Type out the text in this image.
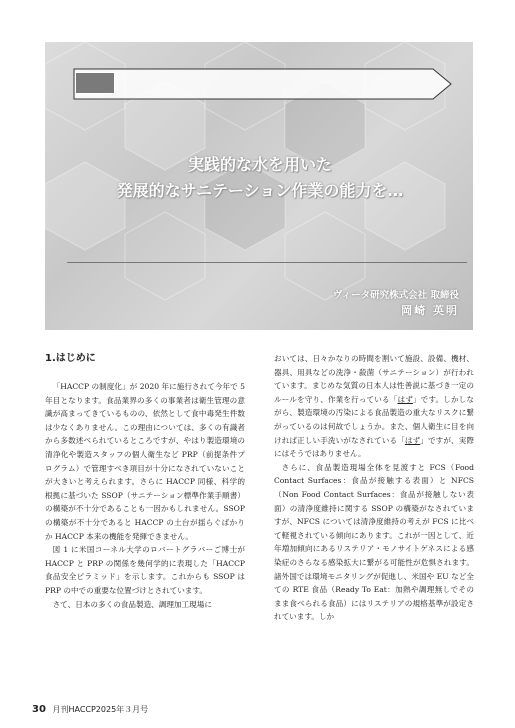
実践的な水を用いた
発展的なサニテーション作業の能力を…
ヴィータ研究株式会社 取締役
岡崎 英明
1.はじめに

「HACCP の制度化」が 2020 年に施行されて今年で 5 年目となります。食品業界の多くの事業者は衛生管理の意識が高まってきているものの、依然として食中毒発生件数は少なくありません。この理由については、多くの有識者から多数述べられているところですが、やはり製造環境の清浄化や製造スタッフの個人衛生など PRP（前提条件プログラム）で管理すべき項目が十分になされていないことが大きいと考えられます。さらに HACCP 同様、科学的根拠に基づいた SSOP（サニテーション標準作業手順書）の構築が不十分であることも一因かもしれません。SSOP の構築が不十分であると HACCP の土台が揺らぐばかりか HACCP 本来の機能を発揮できません。

図 1 に米国コーネル大学のロバートグラバーご博士が HACCP と PRP の関係を幾何学的に表現した「HACCP 食品安全ピラミッド」を示します。これからも SSOP は PRP の中での重要な位置づけとされています。

さて、日本の多くの食品製造、調理加工現場に

おいては、日々かなりの時間を割いて施設、設備、機材、器具、用具などの洗浄・殺菌（サニテーション）が行われています。まじめな気質の日本人は性善説に基づき一定のルールを守り、作業を行っている「はず」です。しかしながら、製造環境の汚染による食品製造の重大なリスクに繋がっているのは何故でしょうか。また、個人衛生に目を向ければ正しい手洗いがなされている「はず」ですが、実際にはそうではありません。

さらに、食品製造現場全体を見渡すと FCS（Food Contact Surfaces：食品が接触する表面）と NFCS（Non Food Contact Surfaces：食品が接触しない表面）の清浄度維持に関する SSOP の構築がなされていますが、NFCS については清浄度維持の考えが FCS に比べて軽視されている傾向にあります。これが一因として、近年増加傾向にあるリステリア・モノサイトゲネスによる感染症のさらなる感染拡大に繋がる可能性が危惧されます。諸外国では環境モニタリングが促進し、米国や EU など全ての RTE 食品（Ready To Eat：加熱や調理無しでそのまま食べられる食品）にはリステリアの規格基準が設定されています。しか

30 月刊HACCP2025年３月号
